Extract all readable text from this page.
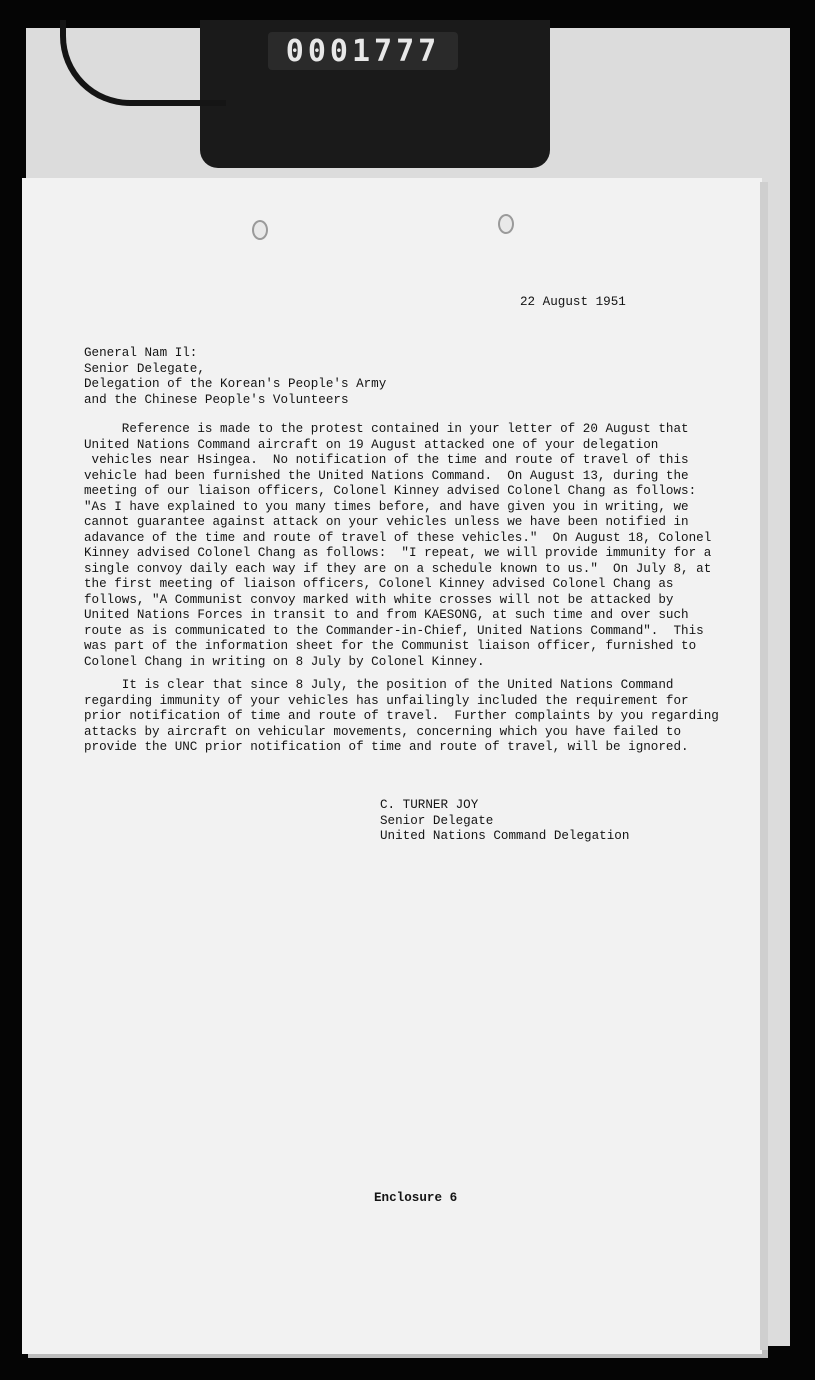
0001777
22 August 1951
General Nam Il:
Senior Delegate,
Delegation of the Korean's People's Army
and the Chinese People's Volunteers
Reference is made to the protest contained in your letter of 20 August that
United Nations Command aircraft on 19 August attacked one of your delegation
vehicles near Hsingea.  No notification of the time and route of travel of this
vehicle had been furnished the United Nations Command.  On August 13, during the
meeting of our liaison officers, Colonel Kinney advised Colonel Chang as follows:
"As I have explained to you many times before, and have given you in writing, we
cannot guarantee against attack on your vehicles unless we have been notified in
adavance of the time and route of travel of these vehicles."  On August 18, Colonel
Kinney advised Colonel Chang as follows:  "I repeat, we will provide immunity for a
single convoy daily each way if they are on a schedule known to us."  On July 8, at
the first meeting of liaison officers, Colonel Kinney advised Colonel Chang as
follows, "A Communist convoy marked with white crosses will not be attacked by
United Nations Forces in transit to and from KAESONG, at such time and over such
route as is communicated to the Commander-in-Chief, United Nations Command".  This
was part of the information sheet for the Communist liaison officer, furnished to
Colonel Chang in writing on 8 July by Colonel Kinney.
It is clear that since 8 July, the position of the United Nations Command
regarding immunity of your vehicles has unfailingly included the requirement for
prior notification of time and route of travel.  Further complaints by you regarding
attacks by aircraft on vehicular movements, concerning which you have failed to
provide the UNC prior notification of time and route of travel, will be ignored.
C. TURNER JOY
Senior Delegate
United Nations Command Delegation
Enclosure 6
